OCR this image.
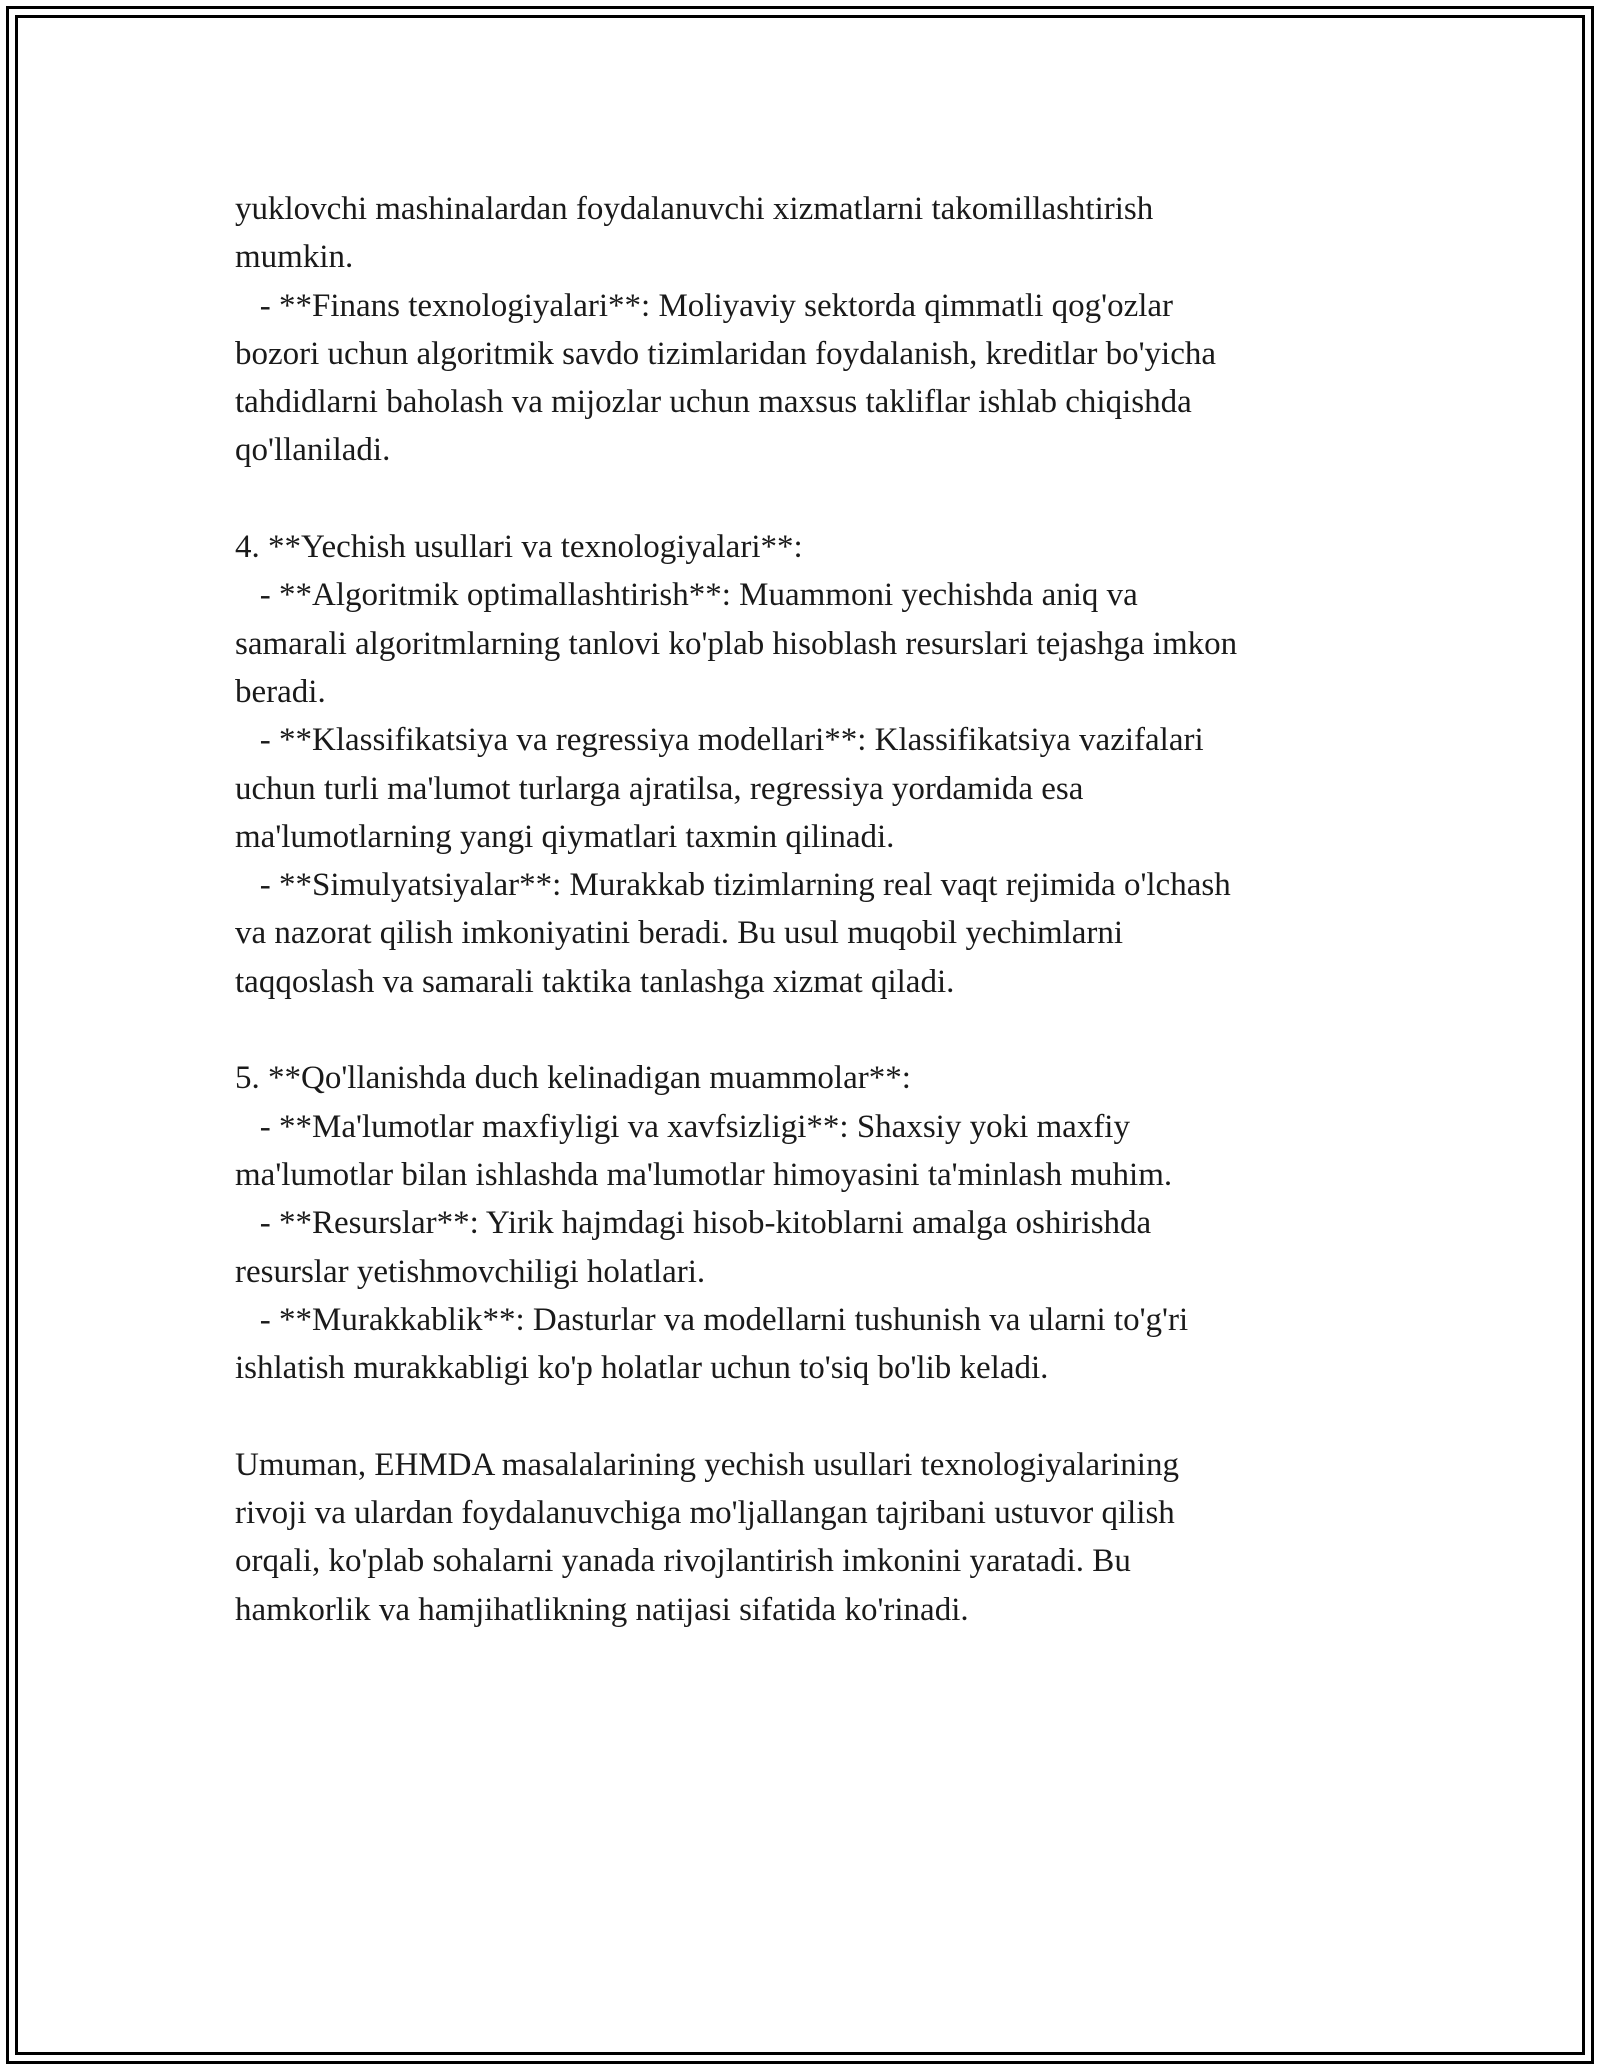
yuklovchi mashinalardan foydalanuvchi xizmatlarni takomillashtirish
mumkin.
- **Finans texnologiyalari**: Moliyaviy sektorda qimmatli qog'ozlar
bozori uchun algoritmik savdo tizimlaridan foydalanish, kreditlar bo'yicha
tahdidlarni baholash va mijozlar uchun maxsus takliflar ishlab chiqishda
qo'llaniladi.
4. **Yechish usullari va texnologiyalari**:
- **Algoritmik optimallashtirish**: Muammoni yechishda aniq va
samarali algoritmlarning tanlovi ko'plab hisoblash resurslari tejashga imkon
beradi.
- **Klassifikatsiya va regressiya modellari**: Klassifikatsiya vazifalari
uchun turli ma'lumot turlarga ajratilsa, regressiya yordamida esa
ma'lumotlarning yangi qiymatlari taxmin qilinadi.
- **Simulyatsiyalar**: Murakkab tizimlarning real vaqt rejimida o'lchash
va nazorat qilish imkoniyatini beradi. Bu usul muqobil yechimlarni
taqqoslash va samarali taktika tanlashga xizmat qiladi.
5. **Qo'llanishda duch kelinadigan muammolar**:
- **Ma'lumotlar maxfiyligi va xavfsizligi**: Shaxsiy yoki maxfiy
ma'lumotlar bilan ishlashda ma'lumotlar himoyasini ta'minlash muhim.
- **Resurslar**: Yirik hajmdagi hisob-kitoblarni amalga oshirishda
resurslar yetishmovchiligi holatlari.
- **Murakkablik**: Dasturlar va modellarni tushunish va ularni to'g'ri
ishlatish murakkabligi ko'p holatlar uchun to'siq bo'lib keladi.
Umuman, EHMDA masalalarining yechish usullari texnologiyalarining
rivoji va ulardan foydalanuvchiga mo'ljallangan tajribani ustuvor qilish
orqali, ko'plab sohalarni yanada rivojlantirish imkonini yaratadi. Bu
hamkorlik va hamjihatlikning natijasi sifatida ko'rinadi.
